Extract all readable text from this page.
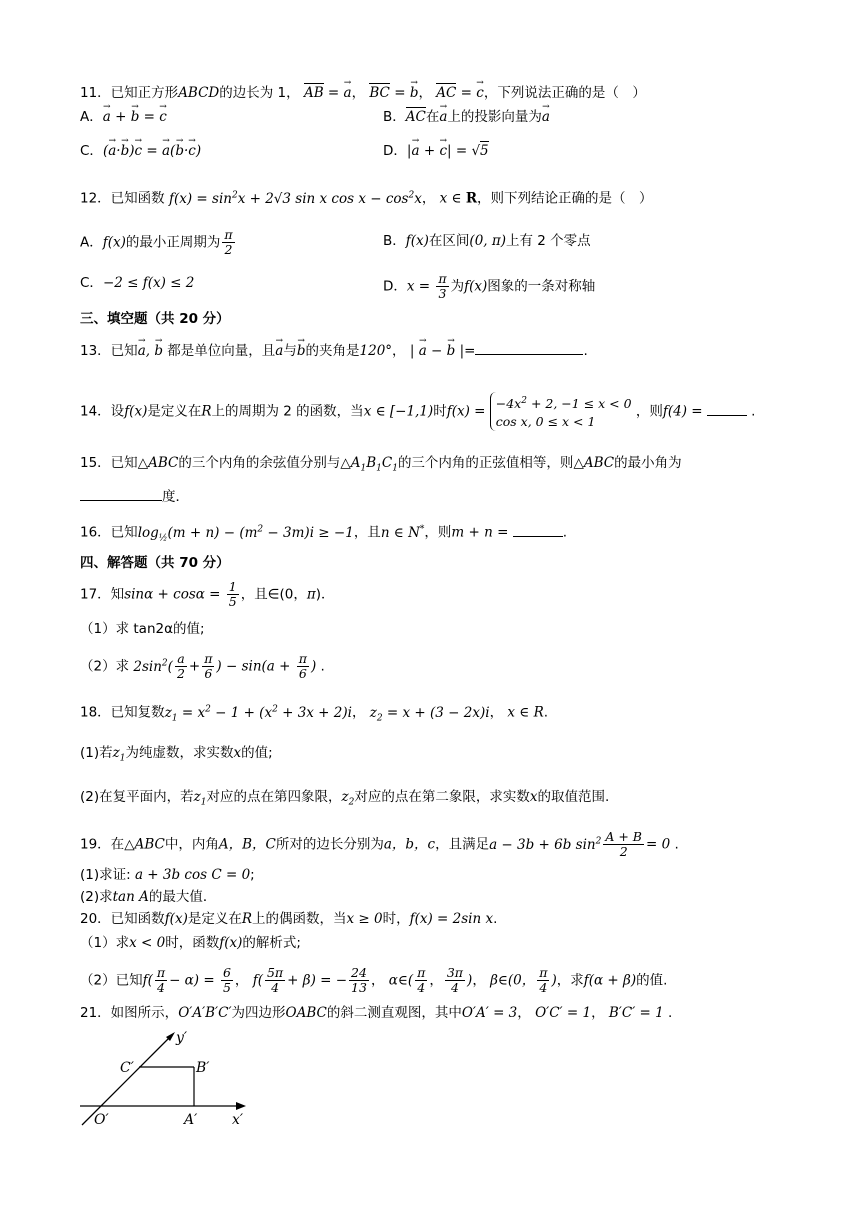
11．已知正方形ABCD的边长为 1， AB = → a， BC = → b， AC = → c，下列说法正确的是（　）
A．→ a + → b = → c	B．AC在→ a上的投影向量为→ a
C．(→ a·→ b)→ c = → a(→ b·→ c)	D．|→ a + → c| = √5
12．已知函数 $f(x) = \sin^2x + 2√3$ sin x $\cos x - \cos^2x$， x ∈ R，则下列结论正确的是（　）
A．f(x)的最小正周期为 $\frac{\pi}{2}$	B．f(x)在区间(0, π)上有 2 个零点
C．−2 ≤ f(x) ≤ 2	D．$x = \frac{\pi}{3}$ 为f(x)图象的一条对称轴
三、填空题（共 20 分）
13．已知→ a, → b 都是单位向量，且→ a与→ b的夹角是120°， | → a − → b |=	.
14．设f(x)是定义在R上的周期为 2 的函数，当x ∈ [−1,1)时$f(x) = -4x^2 + 2$, −1 ≤ x < 0
cos x, 0 ≤ x < 1
，则f(4) =	.
15．已知△ABC的三个内角的余弦值分别与$\triangle A_1B_1C_1$的三个内角的正弦值相等，则△ABC的最小角为
度．
16．已知$\log_{\frac{1}{2}}(m + n) - (m^2 - 3m)i \ge -1$，且n ∈ N*，则m + n =	.
四、解答题（共 70 分）
17．知$\sin\alpha + \cos\alpha = \frac{1}{5}$ ，且∈(0，π)．
（1）求 tan2α的值;
（2）求 $2\sin^2( \frac{a}{2} + \frac{\pi}{6}$ ) − $\sin(a + \frac{\pi}{6}$ ) .
18．已知复数$z_1 = x^2 - 1 + (x^2 + 3x + 2)i$， $z_2 = x + (3 - 2x)i$， x ∈ R.
(1)若$z_1$为纯虚数，求实数x的值;
(2)在复平面内，若$z_1$对应的点在第四象限，$z_2$对应的点在第二象限，求实数x的取值范围.
19．在△ABC中，内角A，B，C所对的边长分别为a，b，c，且满足a − 3b + 6b $\sin^2 \frac{A + B}{2} = 0$ .
(1)求证: a + 3b cos C = 0;
(2)求tan A的最大值．
20．已知函数f(x)是定义在R上的偶函数，当x ≥ 0时，f(x) = 2sin x.
（1）求x < 0时，函数f(x)的解析式;
（2）已知$f( \frac{\pi}{4} - \alpha) = \frac{6}{5}$ ， $f( \frac{5\pi}{4} + \beta)$ = − $\frac{24}{13}$ ， α∈( $\frac{\pi}{4}$ ， $\frac{3\pi}{4}$ )， β∈(0， $\frac{\pi}{4}$ )，求f(α + β)的值.
21．如图所示，O′A′B′C′为四边形OABC的斜二测直观图，其中O′A′ = 3， O′C′ = 1， B′C′ = 1 .
y′
x′
C′	B′
O′	A′
